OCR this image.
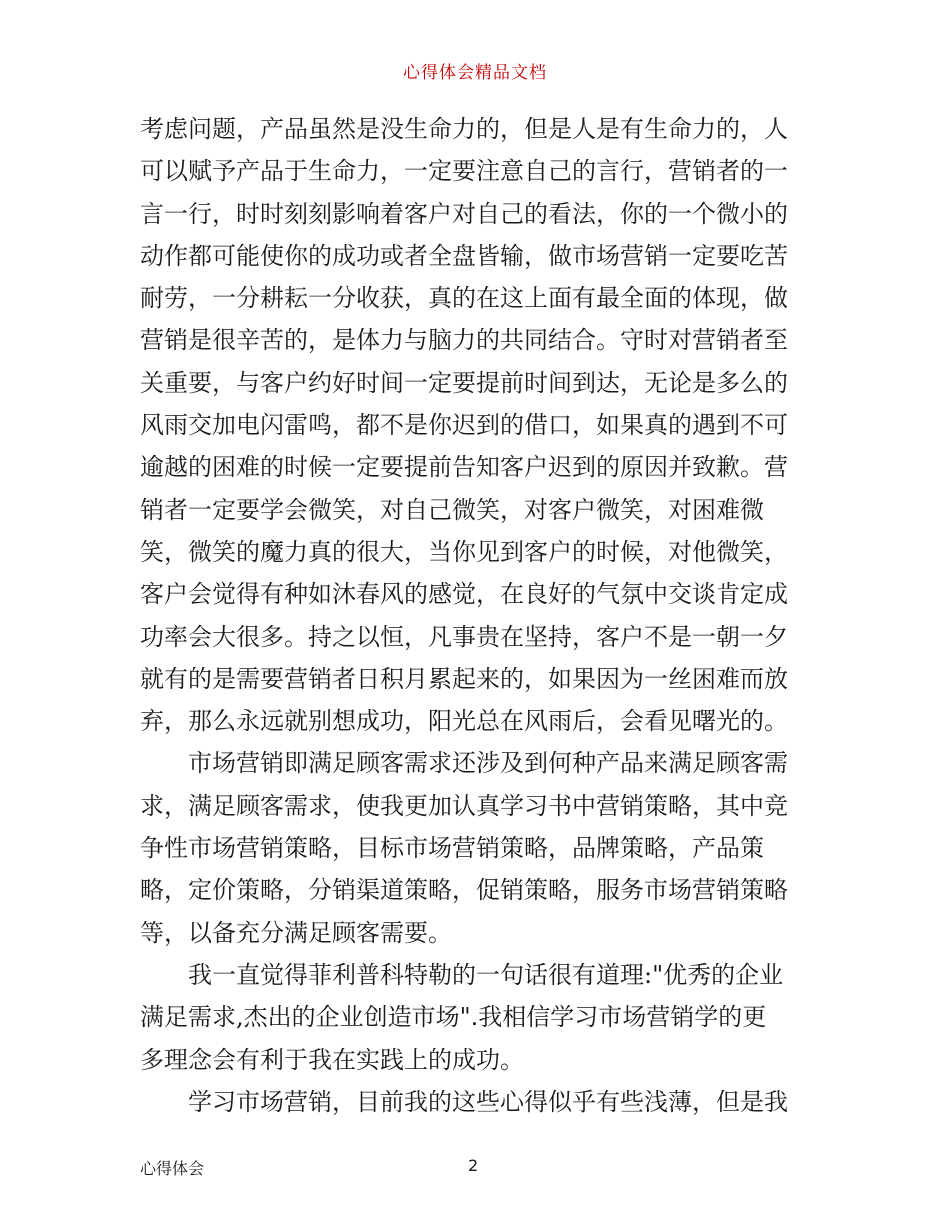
心得体会精品文档
考虑问题，产品虽然是没生命力的，但是人是有生命力的，人
可以赋予产品于生命力，一定要注意自己的言行，营销者的一
言一行，时时刻刻影响着客户对自己的看法，你的一个微小的
动作都可能使你的成功或者全盘皆输，做市场营销一定要吃苦
耐劳，一分耕耘一分收获，真的在这上面有最全面的体现，做
营销是很辛苦的，是体力与脑力的共同结合。守时对营销者至
关重要，与客户约好时间一定要提前时间到达，无论是多么的
风雨交加电闪雷鸣，都不是你迟到的借口，如果真的遇到不可
逾越的困难的时候一定要提前告知客户迟到的原因并致歉。营
销者一定要学会微笑，对自己微笑，对客户微笑，对困难微
笑，微笑的魔力真的很大，当你见到客户的时候，对他微笑，
客户会觉得有种如沐春风的感觉，在良好的气氛中交谈肯定成
功率会大很多。持之以恒，凡事贵在坚持，客户不是一朝一夕
就有的是需要营销者日积月累起来的，如果因为一丝困难而放
弃，那么永远就别想成功，阳光总在风雨后，会看见曙光的。
　　市场营销即满足顾客需求还涉及到何种产品来满足顾客需
求，满足顾客需求，使我更加认真学习书中营销策略，其中竞
争性市场营销策略，目标市场营销策略，品牌策略，产品策
略，定价策略，分销渠道策略，促销策略，服务市场营销策略
等，以备充分满足顾客需要。
　　我一直觉得菲利普科特勒的一句话很有道理:"优秀的企业
满足需求,杰出的企业创造市场".我相信学习市场营销学的更
多理念会有利于我在实践上的成功。
　　学习市场营销，目前我的这些心得似乎有些浅薄，但是我
心得体会	2
